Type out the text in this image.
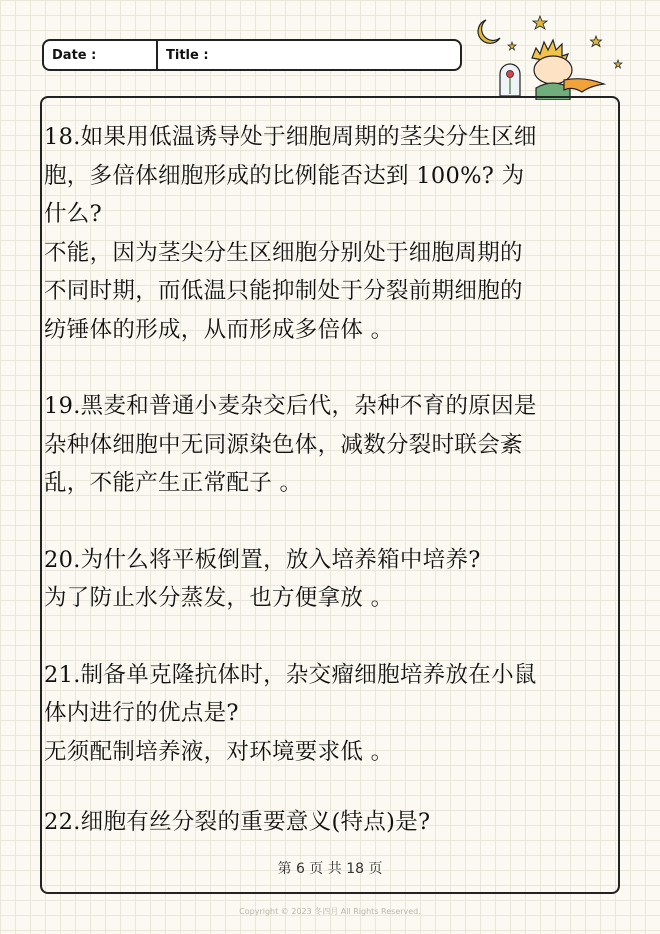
Date :	Title :
18.如果用低温诱导处于细胞周期的茎尖分生区细
胞，多倍体细胞形成的比例能否达到 100%? 为
什么?
不能，因为茎尖分生区细胞分别处于细胞周期的
不同时期，而低温只能抑制处于分裂前期细胞的
纺锤体的形成，从而形成多倍体 。
19.黑麦和普通小麦杂交后代，杂种不育的原因是
杂种体细胞中无同源染色体，减数分裂时联会紊
乱，不能产生正常配子 。
20.为什么将平板倒置，放入培养箱中培养?
为了防止水分蒸发，也方便拿放 。
21.制备单克隆抗体时，杂交瘤细胞培养放在小鼠
体内进行的优点是?
无须配制培养液，对环境要求低 。
22.细胞有丝分裂的重要意义(特点)是?
第 6 页 共 18 页
Copyright © 2023 冬四月 All Rights Reserved.
